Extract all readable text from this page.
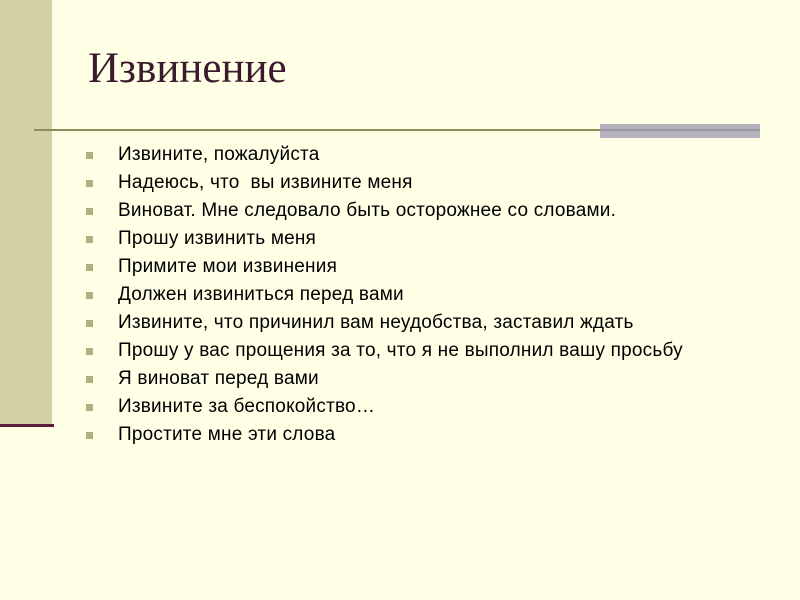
Извинение
Извините, пожалуйста
Надеюсь, что  вы извините меня
Виноват. Мне следовало быть осторожнее со словами.
Прошу извинить меня
Примите мои извинения
Должен извиниться перед вами
Извините, что причинил вам неудобства, заставил ждать
Прошу у вас прощения за то, что я не выполнил вашу просьбу
Я виноват перед вами
Извините за беспокойство…
Простите мне эти слова
